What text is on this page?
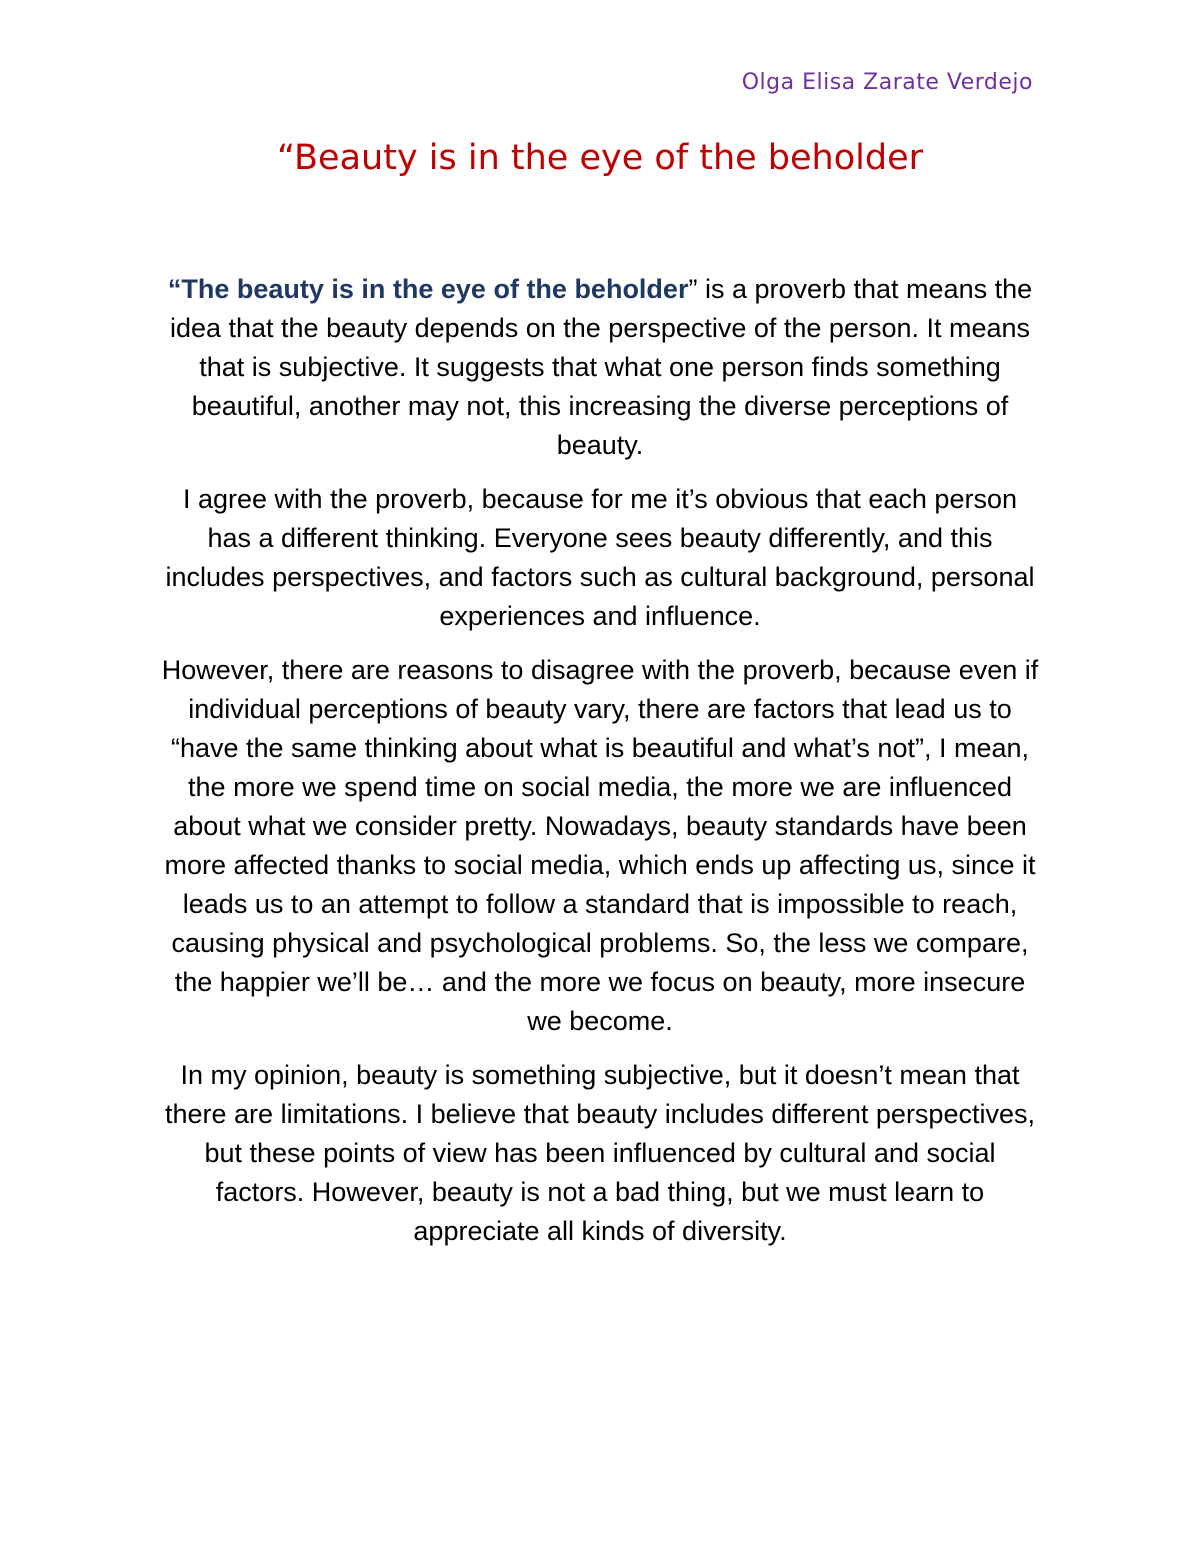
Olga Elisa Zarate Verdejo
“Beauty is in the eye of the beholder

“The beauty is in the eye of the beholder” is a proverb that means the idea that the beauty depends on the perspective of the person. It means that is subjective. It suggests that what one person finds something beautiful, another may not, this increasing the diverse perceptions of beauty.

I agree with the proverb, because for me it’s obvious that each person has a different thinking. Everyone sees beauty differently, and this includes perspectives, and factors such as cultural background, personal experiences and influence.

However, there are reasons to disagree with the proverb, because even if individual perceptions of beauty vary, there are factors that lead us to “have the same thinking about what is beautiful and what’s not”, I mean, the more we spend time on social media, the more we are influenced about what we consider pretty. Nowadays, beauty standards have been more affected thanks to social media, which ends up affecting us, since it leads us to an attempt to follow a standard that is impossible to reach, causing physical and psychological problems. So, the less we compare, the happier we’ll be… and the more we focus on beauty, more insecure we become.

In my opinion, beauty is something subjective, but it doesn’t mean that there are limitations. I believe that beauty includes different perspectives, but these points of view has been influenced by cultural and social factors. However, beauty is not a bad thing, but we must learn to appreciate all kinds of diversity.
